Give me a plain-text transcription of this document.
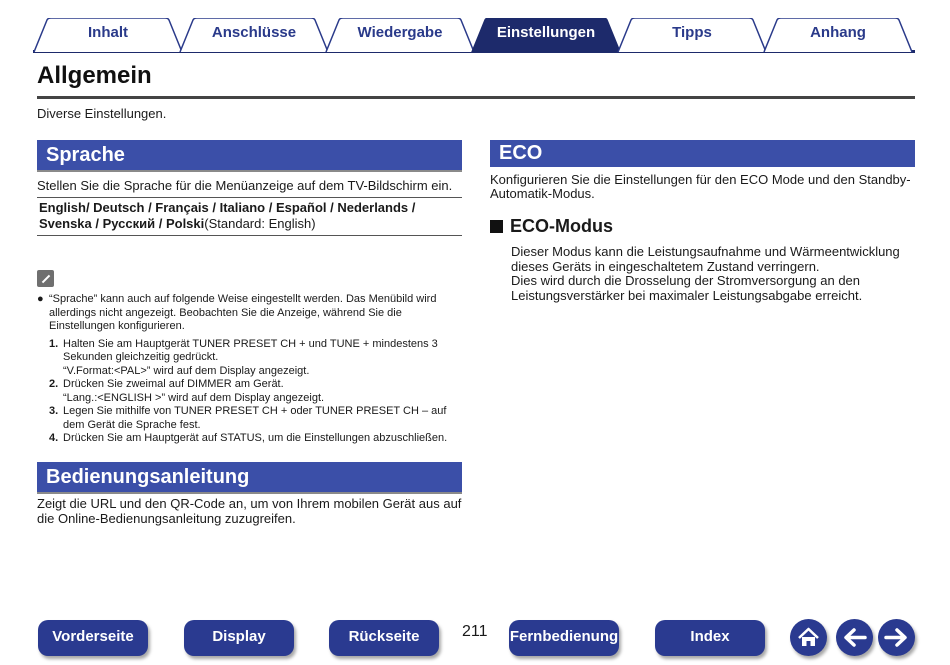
Inhalt	Anschlüsse	Wiedergabe	Einstellungen	Tipps	Anhang
Allgemein
Diverse Einstellungen.
Sprache
Stellen Sie die Sprache für die Menüanzeige auf dem TV-Bildschirm ein.
English/ Deutsch / Français / Italiano / Español / Nederlands /
Svenska / Русский / Polski(Standard: English)
● “Sprache” kann auch auf folgende Weise eingestellt werden. Das Menübild wird allerdings nicht angezeigt. Beobachten Sie die Anzeige, während Sie die Einstellungen konfigurieren.
1. Halten Sie am Hauptgerät TUNER PRESET CH + und TUNE + mindestens 3 Sekunden gleichzeitig gedrückt.
“V.Format:<PAL>” wird auf dem Display angezeigt.
2. Drücken Sie zweimal auf DIMMER am Gerät.
“Lang.:<ENGLISH >” wird auf dem Display angezeigt.
3. Legen Sie mithilfe von TUNER PRESET CH + oder TUNER PRESET CH – auf dem Gerät die Sprache fest.
4. Drücken Sie am Hauptgerät auf STATUS, um die Einstellungen abzuschließen.
Bedienungsanleitung
Zeigt die URL und den QR-Code an, um von Ihrem mobilen Gerät aus auf die Online-Bedienungsanleitung zuzugreifen.
ECO
Konfigurieren Sie die Einstellungen für den ECO Mode und den Standby-Automatik-Modus.
ECO-Modus
Dieser Modus kann die Leistungsaufnahme und Wärmeentwicklung dieses Geräts in eingeschaltetem Zustand verringern.
Dies wird durch die Drosselung der Stromversorgung an den Leistungsverstärker bei maximaler Leistungsabgabe erreicht.
Vorderseite	Display	Rückseite	211 Fernbedienung	Index
